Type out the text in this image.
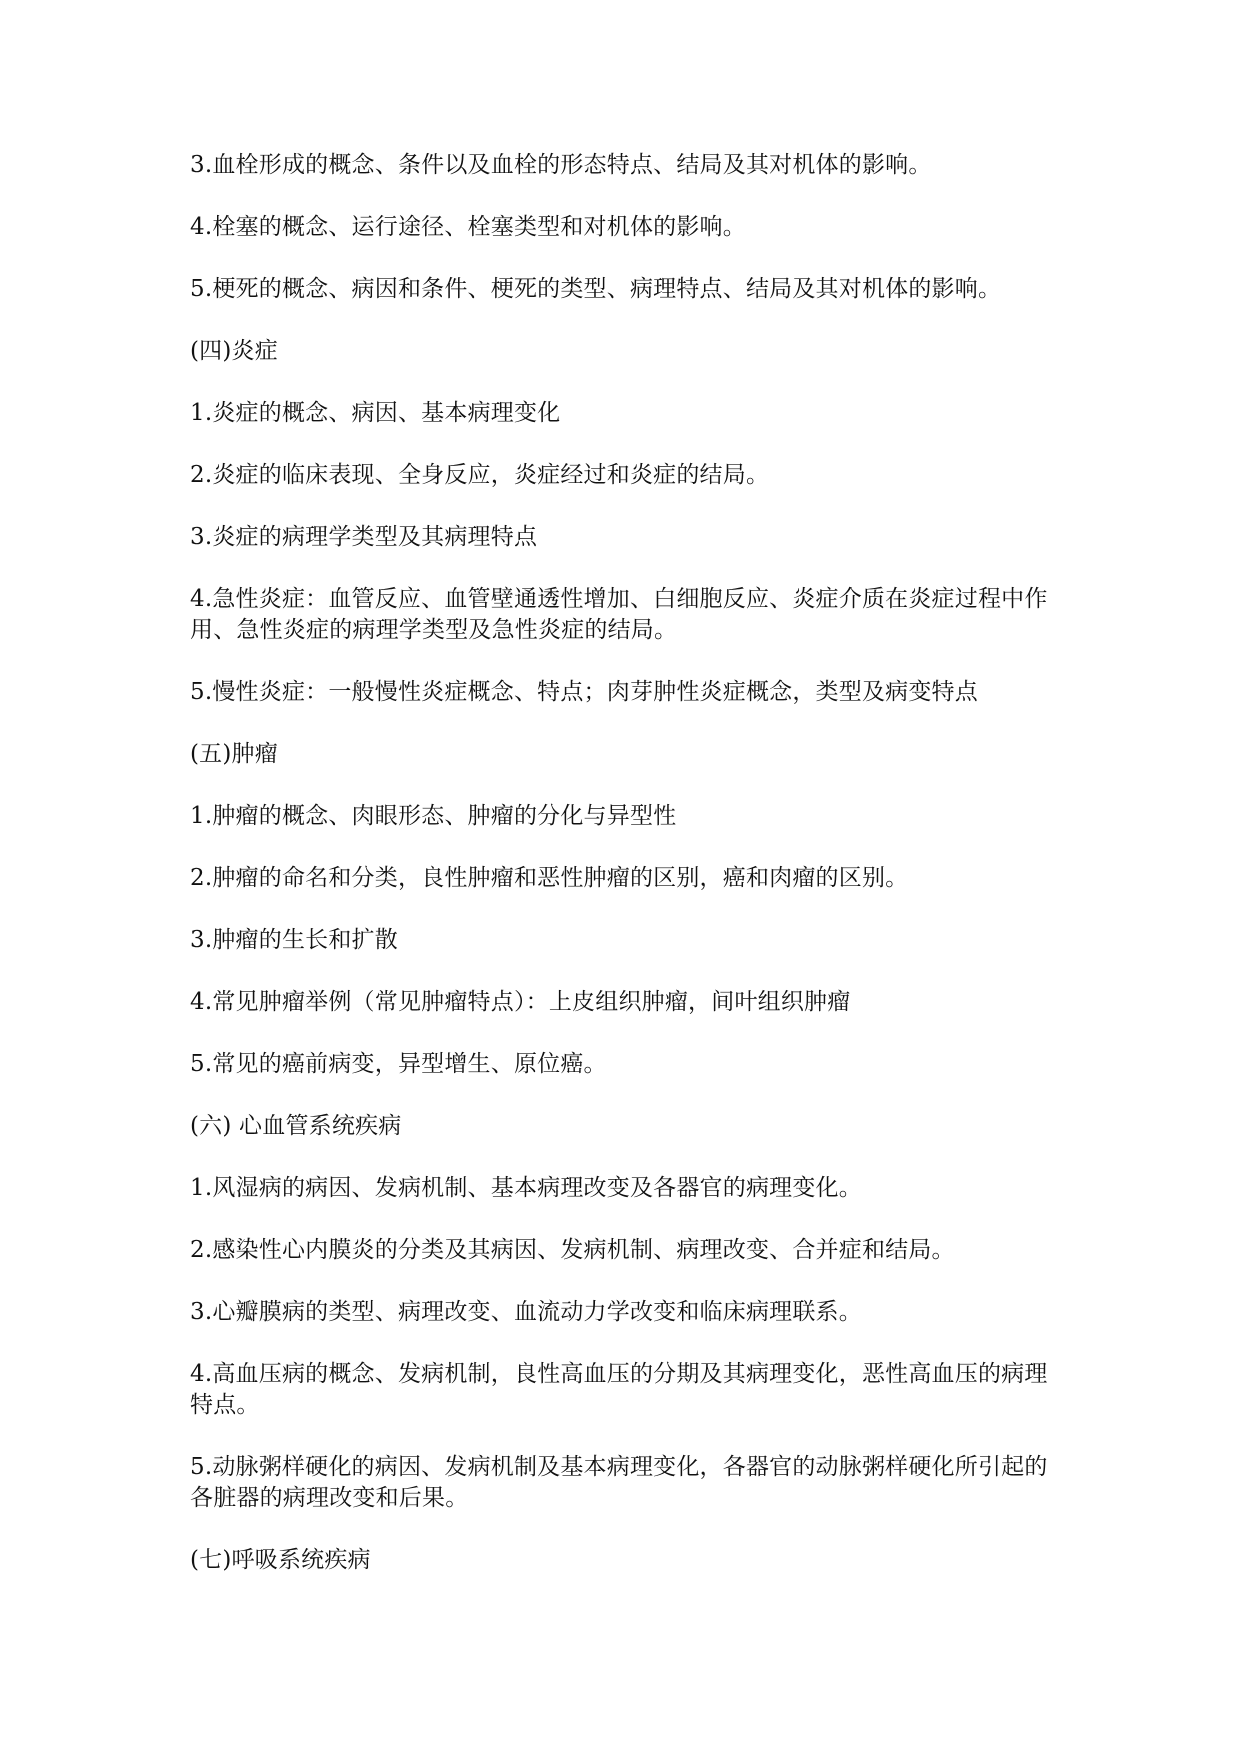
3.血栓形成的概念、条件以及血栓的形态特点、结局及其对机体的影响。

4.栓塞的概念、运行途径、栓塞类型和对机体的影响。

5.梗死的概念、病因和条件、梗死的类型、病理特点、结局及其对机体的影响。

(四)炎症

1.炎症的概念、病因、基本病理变化

2.炎症的临床表现、全身反应，炎症经过和炎症的结局。

3.炎症的病理学类型及其病理特点

4.急性炎症：血管反应、血管壁通透性增加、白细胞反应、炎症介质在炎症过程中作用、急性炎症的病理学类型及急性炎症的结局。

5.慢性炎症：一般慢性炎症概念、特点；肉芽肿性炎症概念，类型及病变特点

(五)肿瘤

1.肿瘤的概念、肉眼形态、肿瘤的分化与异型性

2.肿瘤的命名和分类，良性肿瘤和恶性肿瘤的区别，癌和肉瘤的区别。

3.肿瘤的生长和扩散

4.常见肿瘤举例（常见肿瘤特点）：上皮组织肿瘤，间叶组织肿瘤

5.常见的癌前病变，异型增生、原位癌。

(六) 心血管系统疾病

1.风湿病的病因、发病机制、基本病理改变及各器官的病理变化。

2.感染性心内膜炎的分类及其病因、发病机制、病理改变、合并症和结局。

3.心瓣膜病的类型、病理改变、血流动力学改变和临床病理联系。

4.高血压病的概念、发病机制，良性高血压的分期及其病理变化，恶性高血压的病理特点。

5.动脉粥样硬化的病因、发病机制及基本病理变化，各器官的动脉粥样硬化所引起的各脏器的病理改变和后果。

(七)呼吸系统疾病
